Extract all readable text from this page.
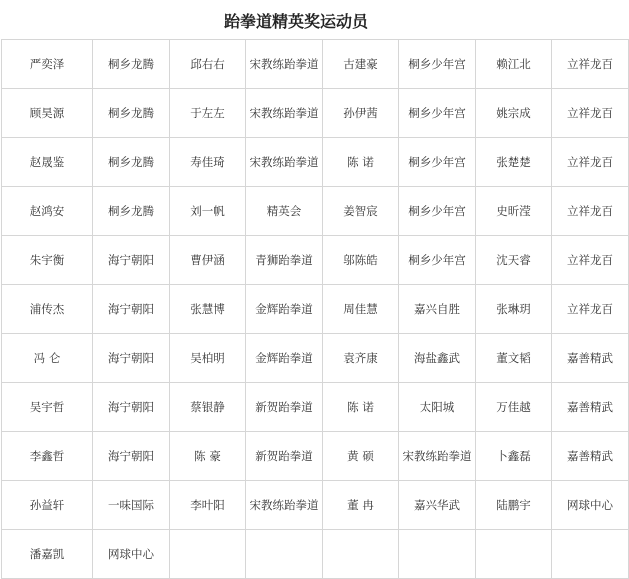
跆拳道精英奖运动员
严奕泽	桐乡龙腾	邱右右	宋教练跆拳道	古建豪	桐乡少年宫	赖江北	立祥龙百
顾昊源	桐乡龙腾	于左左	宋教练跆拳道	孙伊茜	桐乡少年宫	姚宗成	立祥龙百
赵晟鉴	桐乡龙腾	寿佳琦	宋教练跆拳道	陈 诺	桐乡少年宫	张楚楚	立祥龙百
赵鸿安	桐乡龙腾	刘一帆	精英会	姜智宸	桐乡少年宫	史昕滢	立祥龙百
朱宇衡	海宁朝阳	曹伊涵	青狮跆拳道	邬陈皓	桐乡少年宫	沈天睿	立祥龙百
浦传杰	海宁朝阳	张慧博	金辉跆拳道	周佳慧	嘉兴自胜	张琳玥	立祥龙百
冯 仑	海宁朝阳	吴柏明	金辉跆拳道	袁齐康	海盐鑫武	董文韬	嘉善精武
吴宇哲	海宁朝阳	蔡银静	新贺跆拳道	陈 诺	太阳城	万佳越	嘉善精武
李鑫哲	海宁朝阳	陈 豪	新贺跆拳道	黄 硕	宋教练跆拳道	卜鑫磊	嘉善精武
孙益轩	一味国际	李叶阳	宋教练跆拳道	董 冉	嘉兴华武	陆鹏宇	网球中心
潘嘉凯	网球中心						
